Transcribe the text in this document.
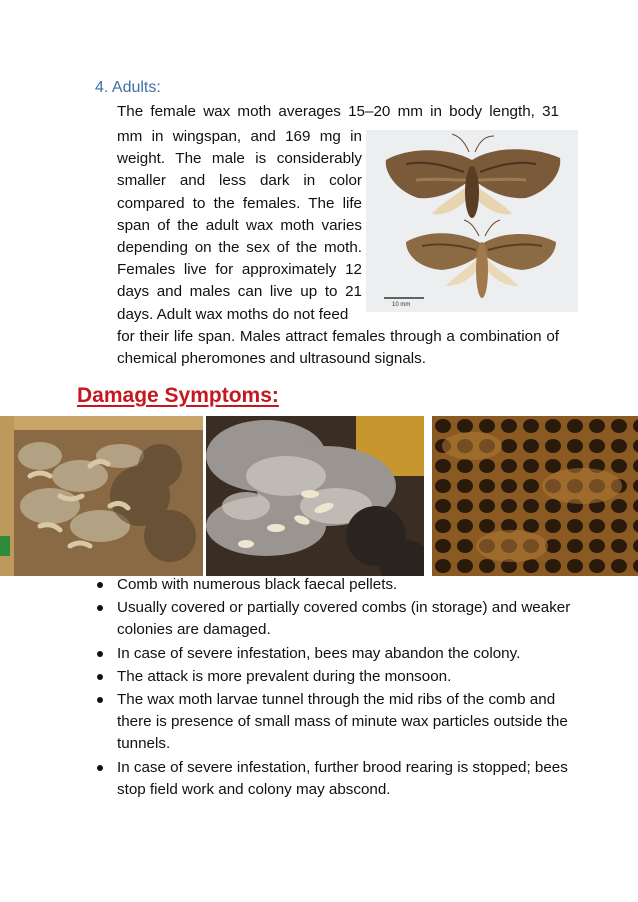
4. Adults:
The female wax moth averages 15–20 mm in body length, 31
mm in wingspan, and 169 mg in weight. The male is considerably smaller and less dark in color compared to the females. The life span of the adult wax moth varies depending on the sex of the moth. Females live for approximately 12 days and males can live up to 21 days. Adult wax moths do not feed
for their life span. Males attract females through a combination of chemical pheromones and ultrasound signals.
10 mm
Damage Symptoms:
Comb with numerous black faecal pellets.
Usually covered or partially covered combs (in storage) and weaker colonies are damaged.
In case of severe infestation, bees may abandon the colony.
The attack is more prevalent during the monsoon.
The wax moth larvae tunnel through the mid ribs of the comb and there is presence of small mass of minute wax particles outside the tunnels.
In case of severe infestation, further brood rearing is stopped; bees stop field work and colony may abscond.
